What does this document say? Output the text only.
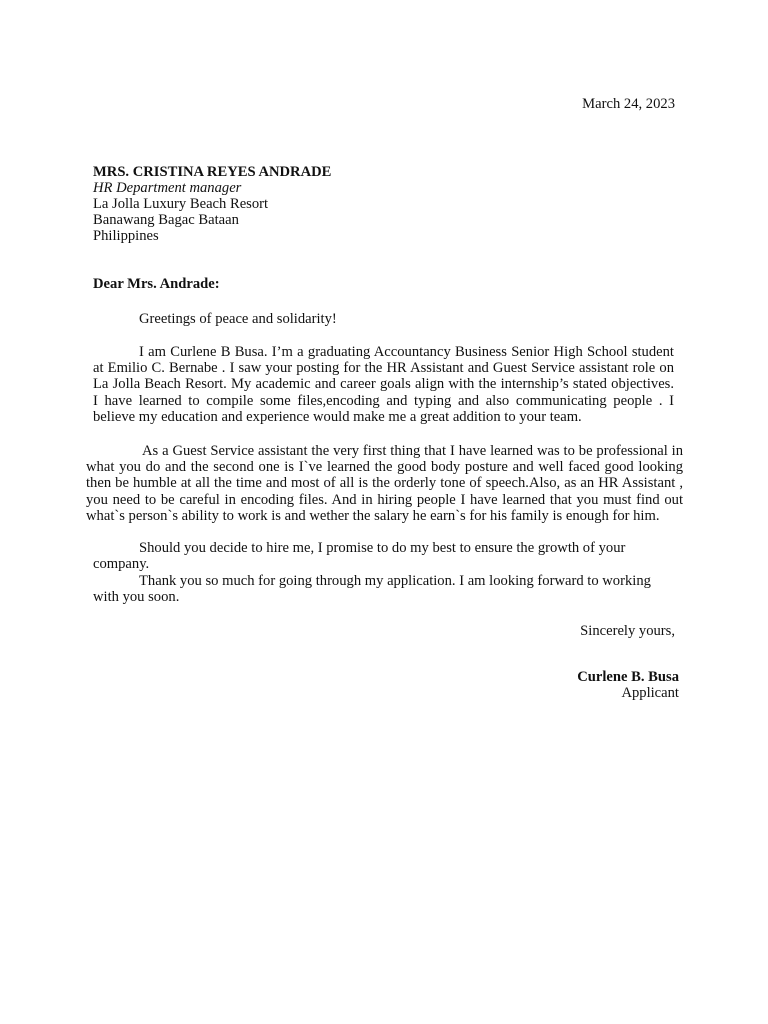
March 24, 2023
MRS. CRISTINA REYES ANDRADE
HR Department manager
La Jolla Luxury Beach Resort
Banawang Bagac Bataan
Philippines
Dear Mrs. Andrade:

Greetings of peace and solidarity!

I am Curlene B Busa. I’m a graduating Accountancy Business Senior High School student at Emilio C. Bernabe . I saw your posting for the HR Assistant and Guest Service assistant role on La Jolla Beach Resort. My academic and career goals align with the internship’s stated objectives. I have learned to compile some files,encoding and typing and also communicating people . I believe my education and experience would make me a great addition to your team.

As a Guest Service assistant the very first thing that I have learned was to be professional in what you do and the second one is I`ve learned the good body posture and well faced good looking then be humble at all the time and most of all is the orderly tone of speech.Also, as an HR Assistant , you need to be careful in encoding files. And in hiring people I have learned that you must find out what`s person`s ability to work is and wether the salary he earn`s for his family is enough for him.

Should you decide to hire me, I promise to do my best to ensure the growth of your company.

Thank you so much for going through my application. I am looking forward to working with you soon.

Sincerely yours,
Curlene B. Busa
Applicant
